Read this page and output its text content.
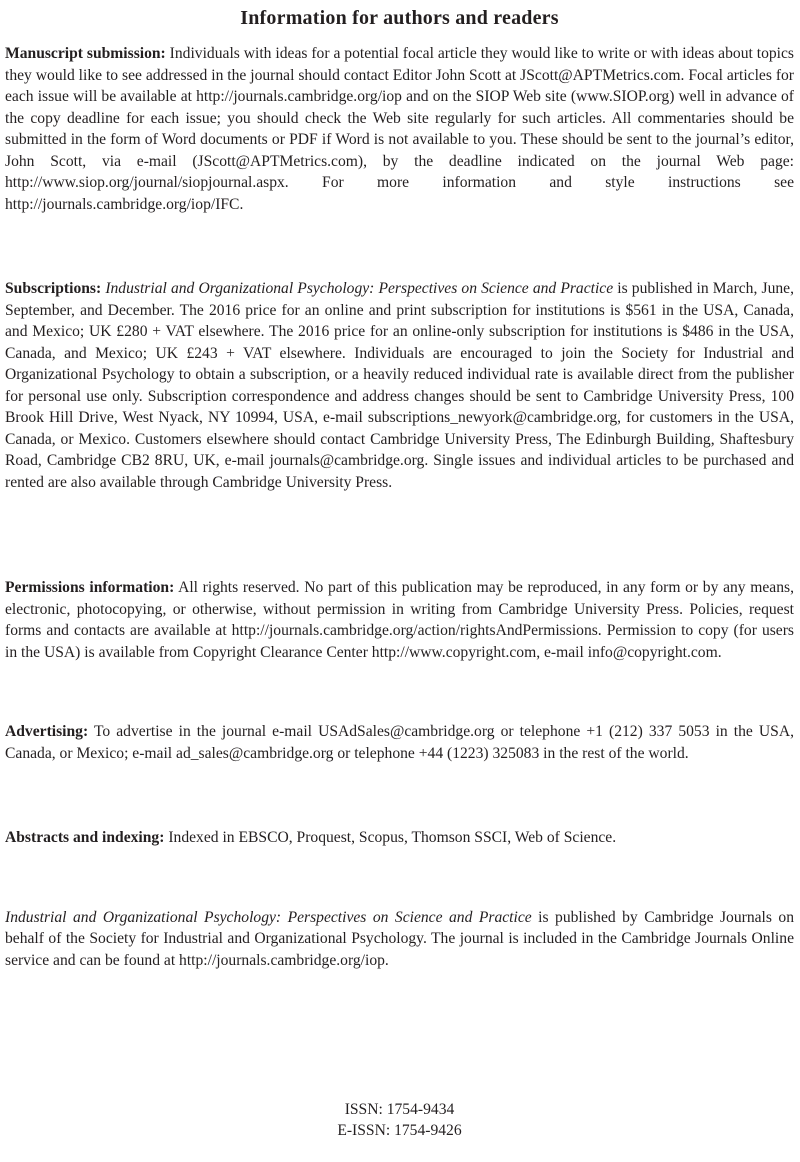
Information for authors and readers

Manuscript submission: Individuals with ideas for a potential focal article they would like to write or with ideas about topics they would like to see addressed in the journal should contact Editor John Scott at JScott@APTMetrics.com. Focal articles for each issue will be available at http://journals.cambridge.org/iop and on the SIOP Web site (www.SIOP.org) well in advance of the copy deadline for each issue; you should check the Web site regularly for such articles. All commentaries should be submitted in the form of Word documents or PDF if Word is not available to you. These should be sent to the journal’s editor, John Scott, via e-mail (JScott@APTMetrics.com), by the deadline indicated on the journal Web page: http://www.siop.org/journal/siopjournal.aspx. For more information and style instructions see http://journals.cambridge.org/iop/IFC.

Subscriptions: Industrial and Organizational Psychology: Perspectives on Science and Practice is published in March, June, September, and December. The 2016 price for an online and print subscription for institutions is $561 in the USA, Canada, and Mexico; UK £280 + VAT elsewhere. The 2016 price for an online-only subscription for institutions is $486 in the USA, Canada, and Mexico; UK £243 + VAT elsewhere. Individuals are encouraged to join the Society for Industrial and Organizational Psychology to obtain a subscription, or a heavily reduced individual rate is available direct from the publisher for personal use only. Subscription correspondence and address changes should be sent to Cambridge University Press, 100 Brook Hill Drive, West Nyack, NY 10994, USA, e-mail subscriptions_newyork@cambridge.org, for customers in the USA, Canada, or Mexico. Customers elsewhere should contact Cambridge University Press, The Edinburgh Building, Shaftesbury Road, Cambridge CB2 8RU, UK, e-mail journals@cambridge.org. Single issues and individual articles to be purchased and rented are also available through Cambridge University Press.

Permissions information: All rights reserved. No part of this publication may be reproduced, in any form or by any means, electronic, photocopying, or otherwise, without permission in writing from Cambridge University Press. Policies, request forms and contacts are available at http://journals.cambridge.org/action/rightsAndPermissions. Permission to copy (for users in the USA) is available from Copyright Clearance Center http://www.copyright.com, e-mail info@copyright.com.

Advertising: To advertise in the journal e-mail USAdSales@cambridge.org or telephone +1 (212) 337 5053 in the USA, Canada, or Mexico; e-mail ad_sales@cambridge.org or telephone +44 (1223) 325083 in the rest of the world.

Abstracts and indexing: Indexed in EBSCO, Proquest, Scopus, Thomson SSCI, Web of Science.

Industrial and Organizational Psychology: Perspectives on Science and Practice is published by Cambridge Journals on behalf of the Society for Industrial and Organizational Psychology. The journal is included in the Cambridge Journals Online service and can be found at http://journals.cambridge.org/iop.

ISSN: 1754-9434
E-ISSN: 1754-9426
